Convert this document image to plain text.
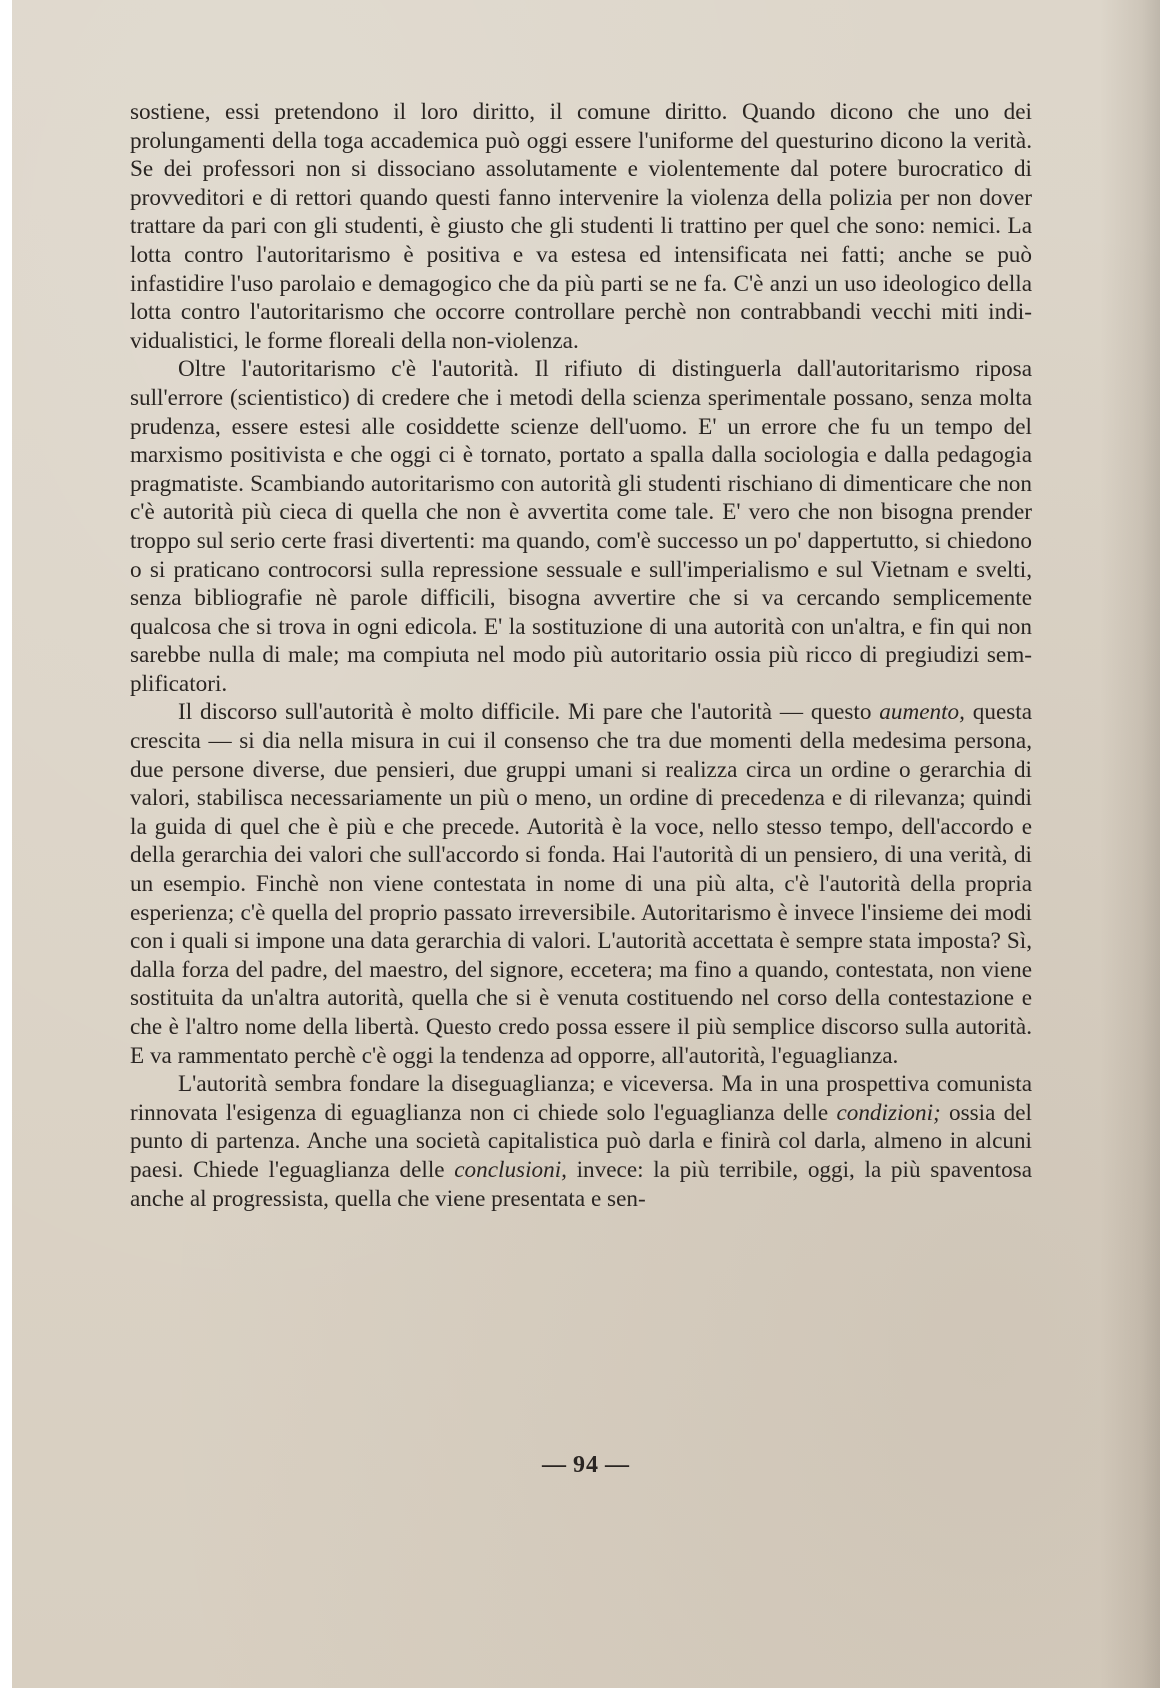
sostiene, essi pretendono il loro diritto, il comune diritto. Quando dicono che uno dei prolungamenti della toga accademica può oggi essere l'uniforme del questurino dicono la verità. Se dei professori non si dissociano assolutamente e violentemente dal potere burocratico di provveditori e di rettori quando questi fanno intervenire la violenza della polizia per non dover trattare da pari con gli studenti, è giusto che gli studenti li trattino per quel che sono: nemici. La lotta contro l'autoritarismo è positiva e va estesa ed intensificata nei fatti; anche se può infastidire l'uso parolaio e demagogico che da più parti se ne fa. C'è anzi un uso ideologico della lotta contro l'autoritarismo che occorre controllare perchè non contrabbandi vecchi miti individualistici, le forme floreali della non-violenza.

Oltre l'autoritarismo c'è l'autorità. Il rifiuto di distinguerla dall'autoritarismo riposa sull'errore (scientistico) di credere che i metodi della scienza sperimentale possano, senza molta prudenza, essere estesi alle cosiddette scienze dell'uomo. E' un errore che fu un tempo del marxismo positivista e che oggi ci è tornato, portato a spalla dalla sociologia e dalla pedagogia pragmatiste. Scambiando autoritarismo con autorità gli studenti rischiano di dimenticare che non c'è autorità più cieca di quella che non è avvertita come tale. E' vero che non bisogna prender troppo sul serio certe frasi divertenti: ma quando, com'è successo un po' dappertutto, si chiedono o si praticano controcorsi sulla repressione sessuale e sull'imperialismo e sul Vietnam e svelti, senza bibliografie nè parole difficili, bisogna avvertire che si va cercando semplicemente qualcosa che si trova in ogni edicola. E' la sostituzione di una autorità con un'altra, e fin qui non sarebbe nulla di male; ma compiuta nel modo più autoritario ossia più ricco di pregiudizi semplificatori.

Il discorso sull'autorità è molto difficile. Mi pare che l'autorità — questo aumento, questa crescita — si dia nella misura in cui il consenso che tra due momenti della medesima persona, due persone diverse, due pensieri, due gruppi umani si realizza circa un ordine o gerarchia di valori, stabilisca necessariamente un più o meno, un ordine di precedenza e di rilevanza; quindi la guida di quel che è più e che precede. Autorità è la voce, nello stesso tempo, dell'accordo e della gerarchia dei valori che sull'accordo si fonda. Hai l'autorità di un pensiero, di una verità, di un esempio. Finchè non viene contestata in nome di una più alta, c'è l'autorità della propria esperienza; c'è quella del proprio passato irreversibile. Autoritarismo è invece l'insieme dei modi con i quali si impone una data gerarchia di valori. L'autorità accettata è sempre stata imposta? Sì, dalla forza del padre, del maestro, del signore, eccetera; ma fino a quando, contestata, non viene sostituita da un'altra autorità, quella che si è venuta costituendo nel corso della contestazione e che è l'altro nome della libertà. Questo credo possa essere il più semplice discorso sulla autorità. E va rammentato perchè c'è oggi la tendenza ad opporre, all'autorità, l'eguaglianza.

L'autorità sembra fondare la diseguaglianza; e viceversa. Ma in una prospettiva comunista rinnovata l'esigenza di eguaglianza non ci chiede solo l'eguaglianza delle condizioni; ossia del punto di partenza. Anche una società capitalistica può darla e finirà col darla, almeno in alcuni paesi. Chiede l'eguaglianza delle conclusioni, invece: la più terribile, oggi, la più spaventosa anche al progressista, quella che viene presentata e sen-

— 94 —
